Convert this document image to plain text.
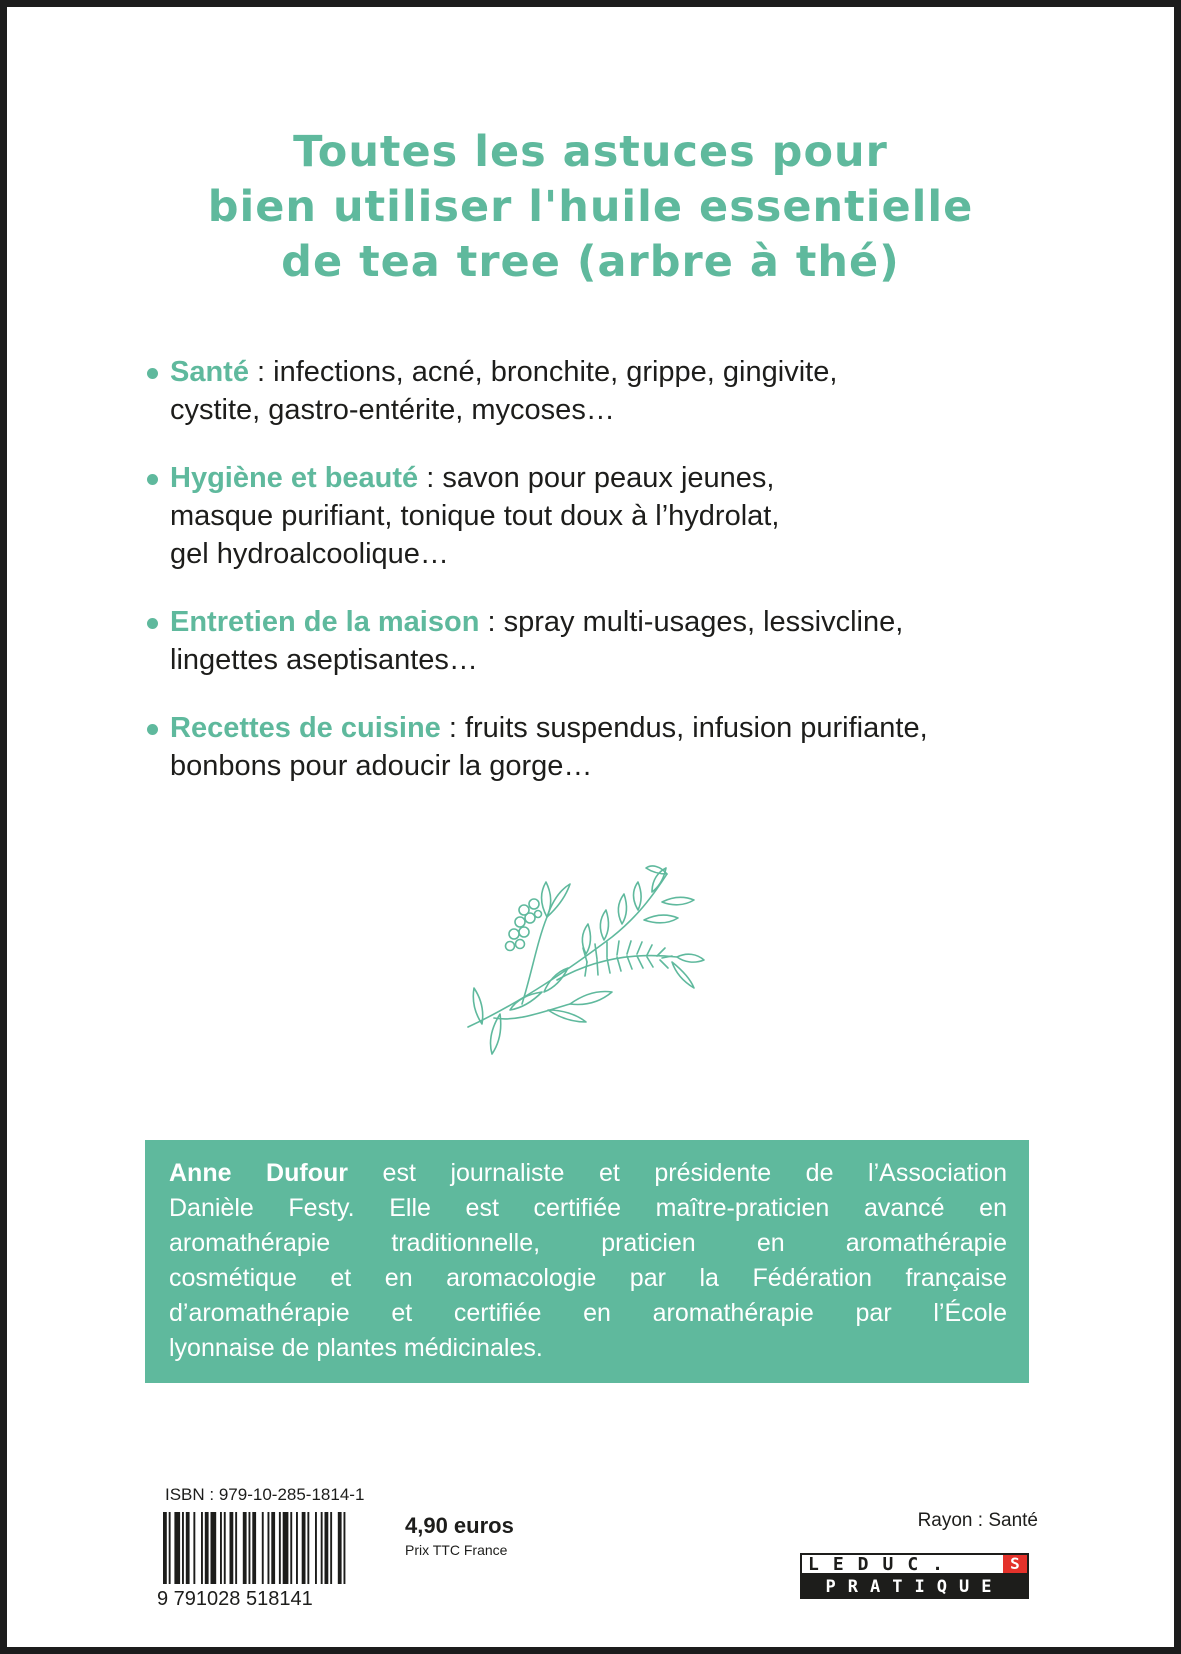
Toutes les astuces pour
bien utiliser l'huile essentielle
de tea tree (arbre à thé)
Santé : infections, acné, bronchite, grippe, gingivite,
cystite, gastro-entérite, mycoses…
Hygiène et beauté : savon pour peaux jeunes,
masque purifiant, tonique tout doux à l’hydrolat,
gel hydroalcoolique…
Entretien de la maison : spray multi-usages, lessivcline,
lingettes aseptisantes…
Recettes de cuisine : fruits suspendus, infusion purifiante,
bonbons pour adoucir la gorge…
Anne Dufour est journaliste et présidente de l’Association
Danièle Festy. Elle est certifiée maître-praticien avancé en
aromathérapie traditionnelle, praticien en aromathérapie
cosmétique et en aromacologie par la Fédération française
d’aromathérapie et certifiée en aromathérapie par l’École
lyonnaise de plantes médicinales.
ISBN : 979-10-285-1814-1
9 791028 518141
4,90 euros
Prix TTC France
Rayon : Santé
LEDUC.	S
PRATIQUE
